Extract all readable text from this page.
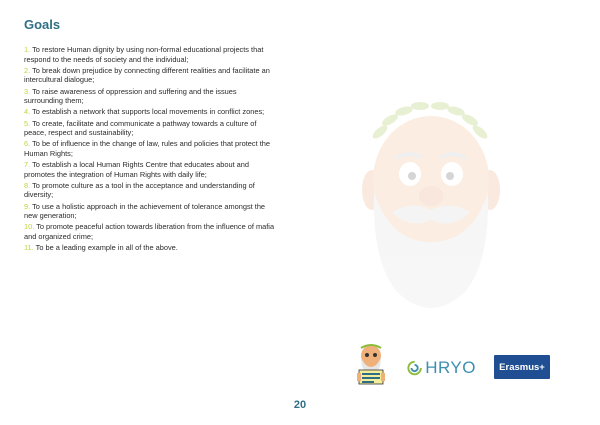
Goals
1. To restore Human dignity by using non-formal educational projects that respond to the needs of society and the individual;
2. To break down prejudice by connecting different realities and facilitate an intercultural dialogue;
3. To raise awareness of oppression and suffering and the issues surrounding them;
4. To establish a network that supports local movements in conflict zones;
5. To create, facilitate and communicate a pathway towards a culture of peace, respect and sustainability;
6. To be of influence in the change of law, rules and policies that protect the Human Rights;
7. To establish a local Human Rights Centre that educates about and promotes the integration of Human Rights with daily life;
8. To promote culture as a tool in the acceptance and understanding of diversity;
9. To use a holistic approach in the achievement of tolerance amongst the new generation;
10. To promote peaceful action towards liberation from the influence of mafia and organized crime;
11. To be a leading example in all of the above.
HRYO	Erasmus+
20
